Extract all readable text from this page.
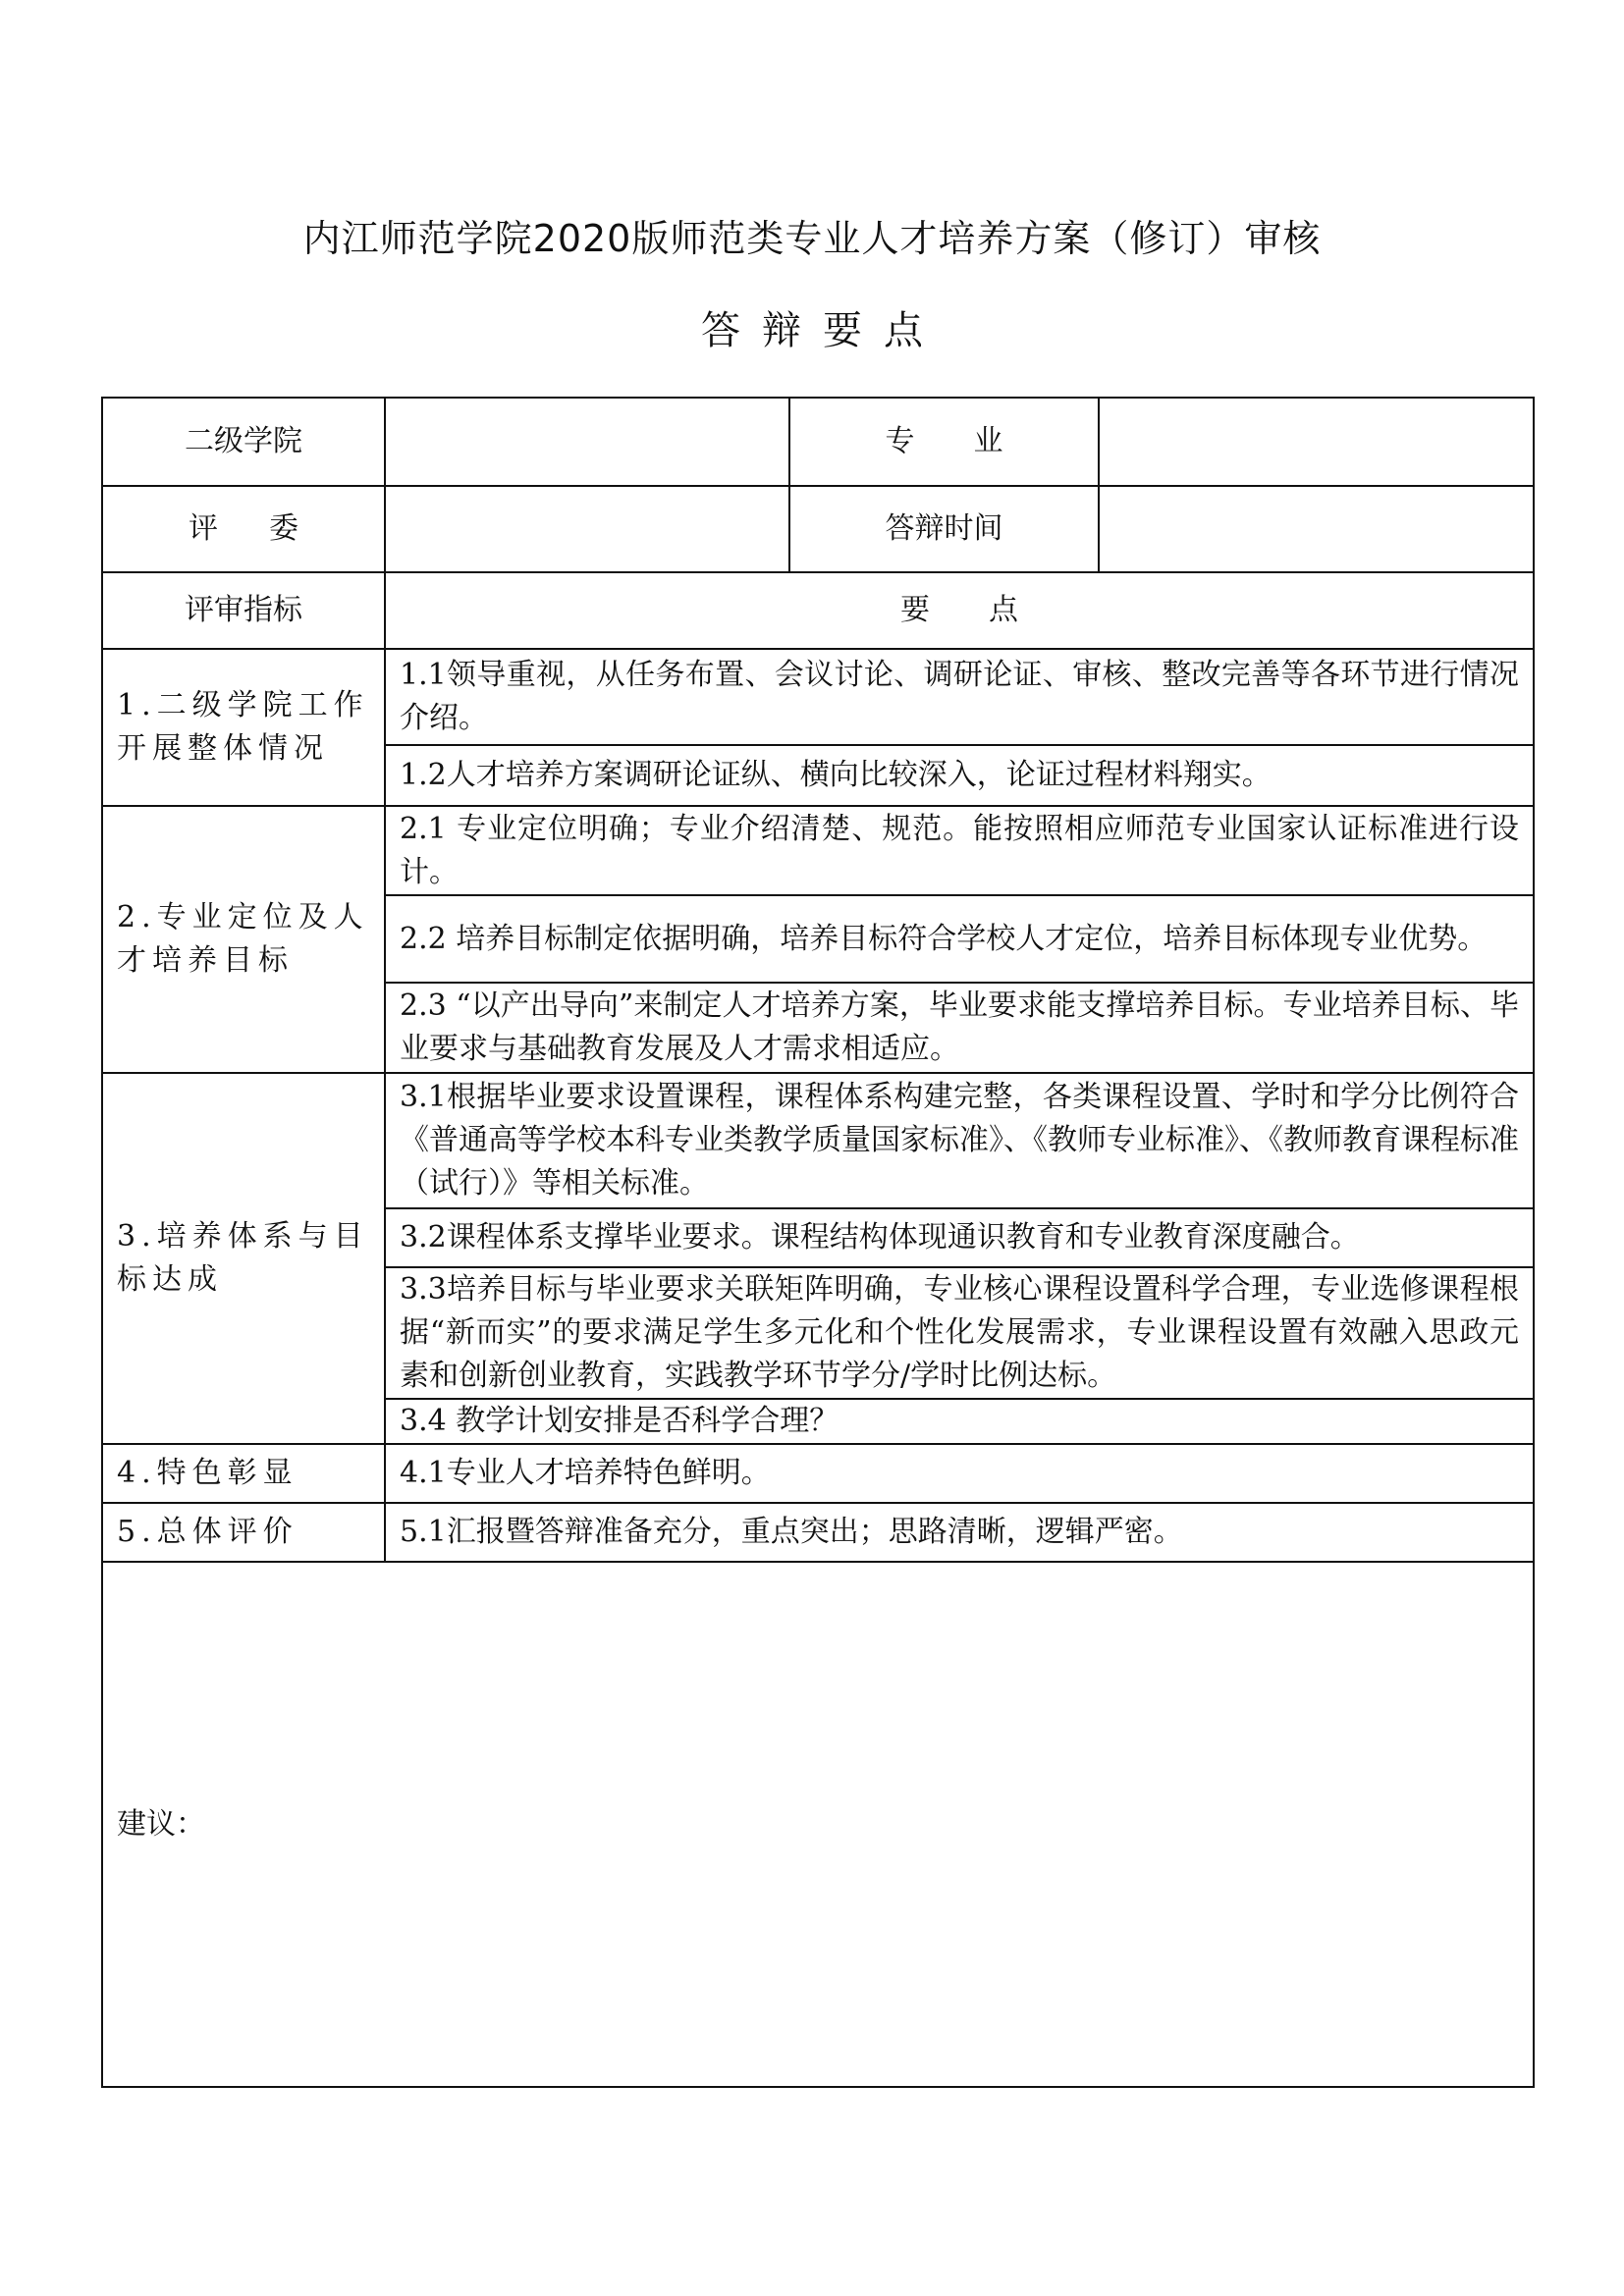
内江师范学院2020版师范类专业人才培养方案（修订）审核
答辩要点
二级学院		专业	
评委		答辩时间	
评审指标	要点		
1.二级学院工作开展整体情况	1.1领导重视，从任务布置、会议讨论、调研论证、审核、整改完善等各环节进行情况介绍。		
	1.2人才培养方案调研论证纵、横向比较深入，论证过程材料翔实。		
2.专业定位及人才培养目标	2.1 专业定位明确；专业介绍清楚、规范。能按照相应师范专业国家认证标准进行设计。		
	2.2 培养目标制定依据明确，培养目标符合学校人才定位，培养目标体现专业优势。		
	2.3 “以产出导向”来制定人才培养方案，毕业要求能支撑培养目标。专业培养目标、毕业要求与基础教育发展及人才需求相适应。		
3.培养体系与目标达成	3.1根据毕业要求设置课程，课程体系构建完整，各类课程设置、学时和学分比例符合《普通高等学校本科专业类教学质量国家标准》、《教师专业标准》、《教师教育课程标准（试行）》等相关标准。		
	3.2课程体系支撑毕业要求。课程结构体现通识教育和专业教育深度融合。		
	3.3培养目标与毕业要求关联矩阵明确，专业核心课程设置科学合理，专业选修课程根据“新而实”的要求满足学生多元化和个性化发展需求，专业课程设置有效融入思政元素和创新创业教育，实践教学环节学分/学时比例达标。		
	3.4 教学计划安排是否科学合理？		
4.特色彰显	4.1专业人才培养特色鲜明。		
5.总体评价	5.1汇报暨答辩准备充分，重点突出；思路清晰，逻辑严密。		
建议：			
